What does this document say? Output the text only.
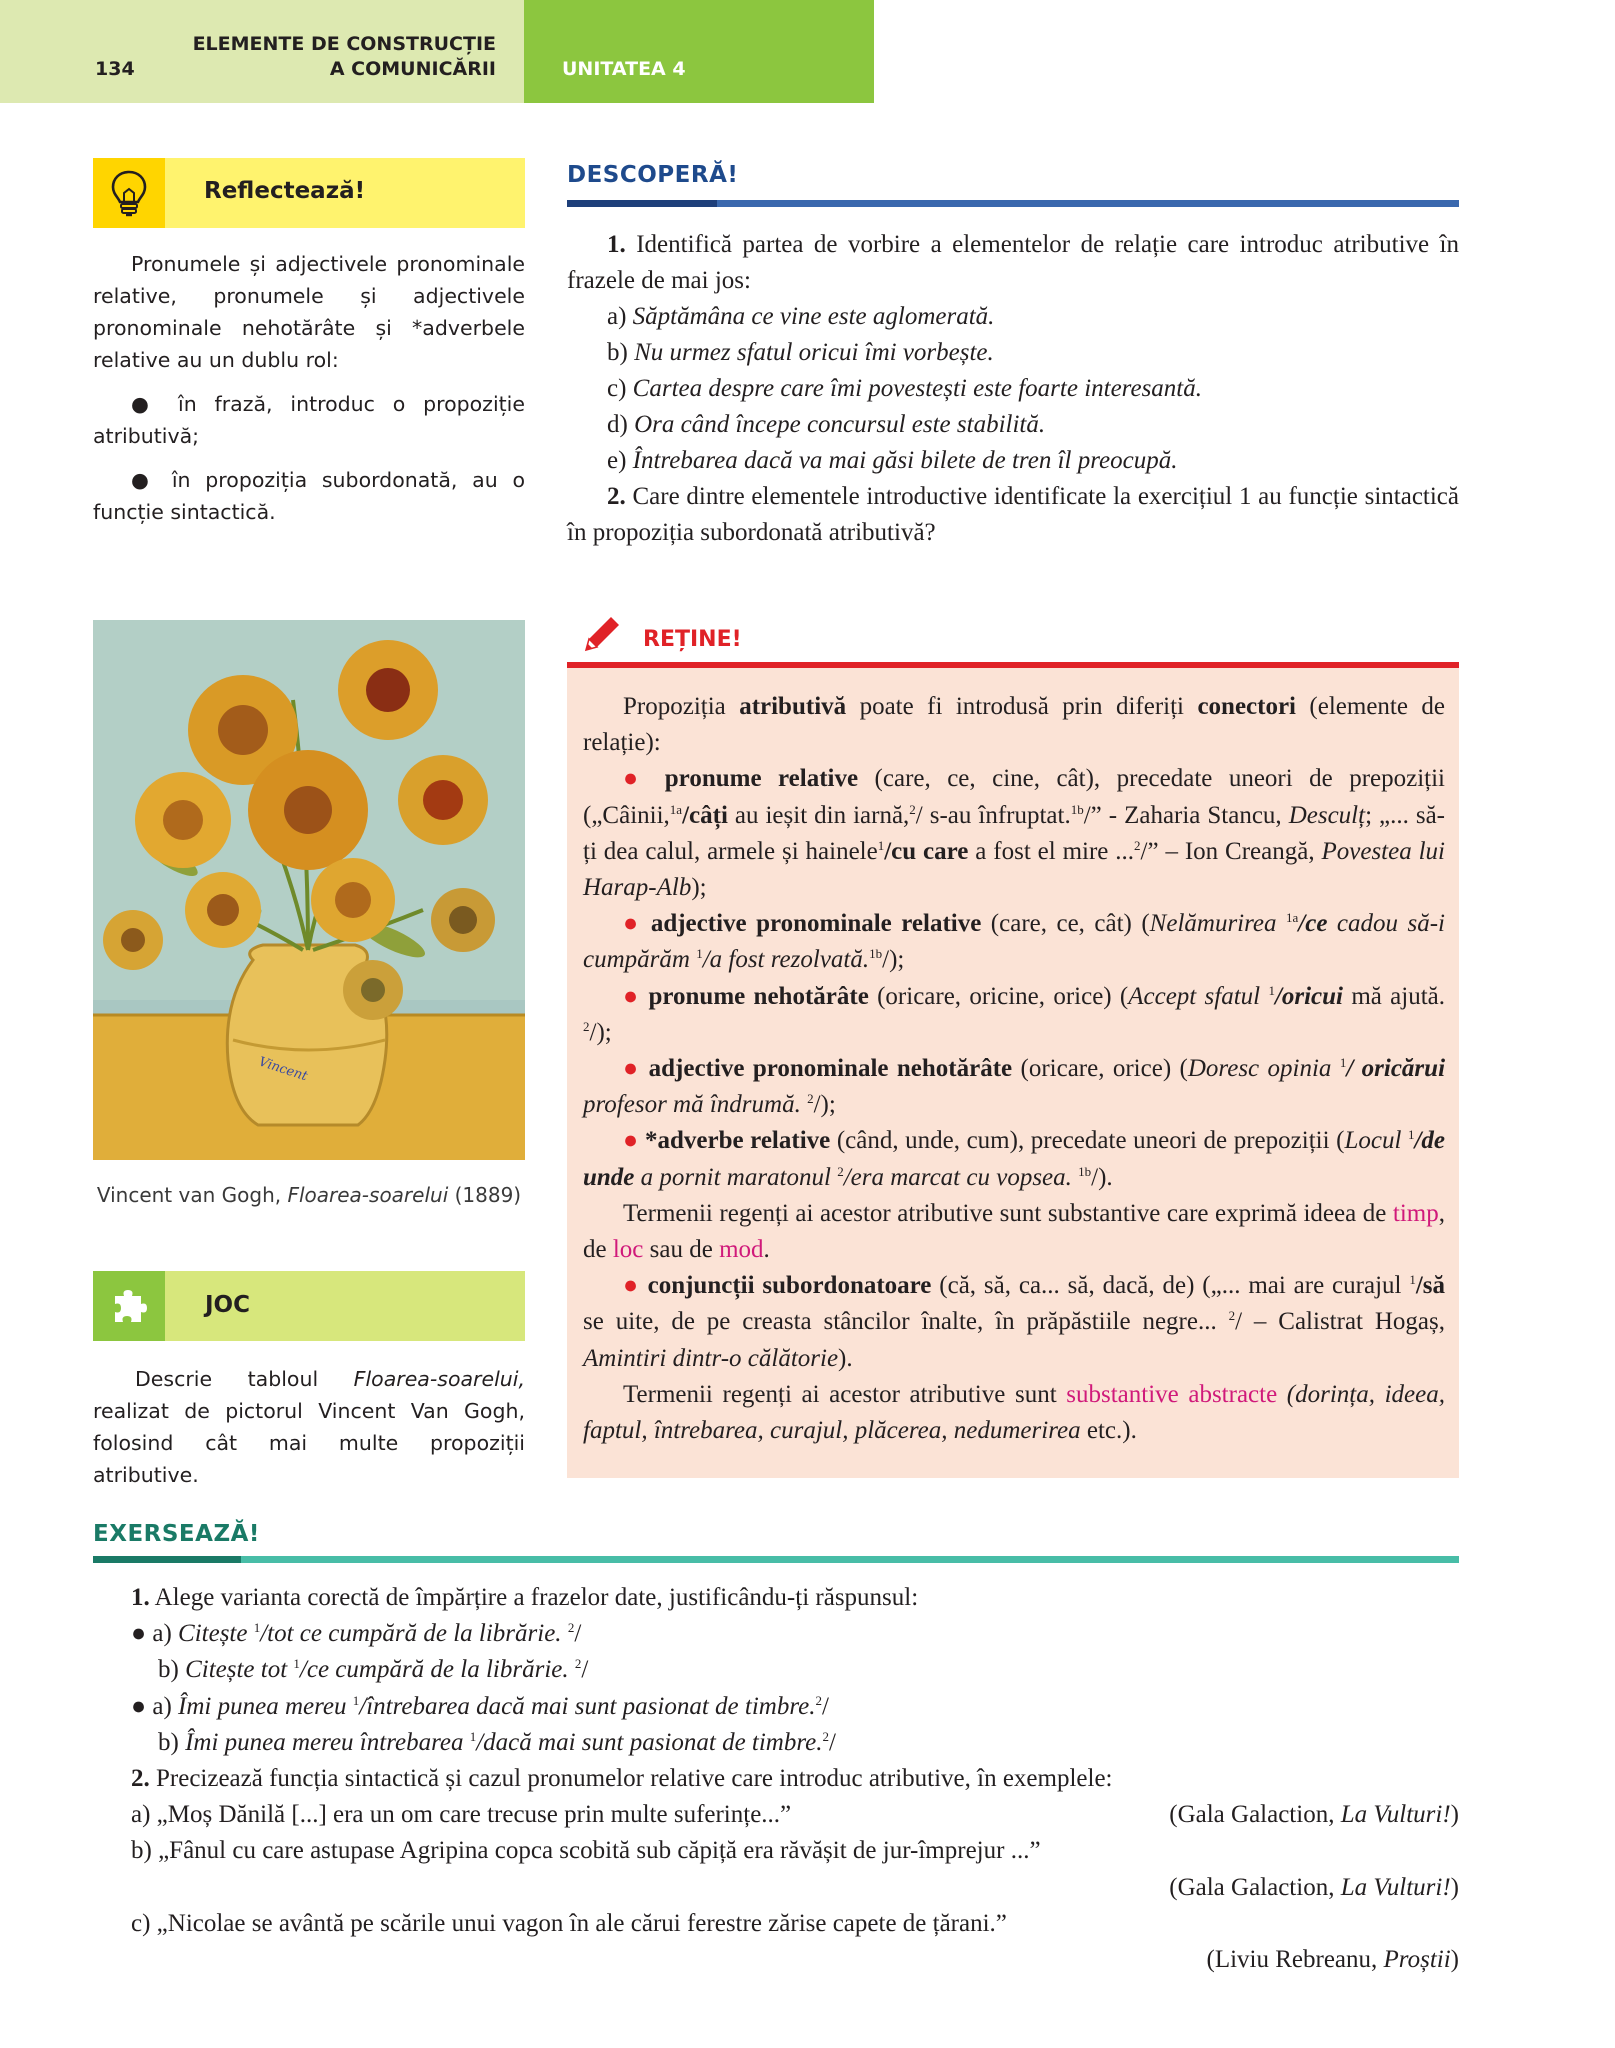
134
ELEMENTE DE CONSTRUCȚIE
A COMUNICĂRII	UNITATEA 4
Reflectează!

Pronumele și adjectivele pronominale relative, pronumele și adjectivele pronominale nehotărâte și *adverbele relative au un dublu rol:

● în frază, introduc o propoziție atributivă;

● în propoziția subordonată, au o funcție sintactică.

DESCOPERĂ!

1. Identifică partea de vorbire a elementelor de relație care introduc atributive în frazele de mai jos:

a) Săptămâna ce vine este aglomerată.

b) Nu urmez sfatul oricui îmi vorbește.

c) Cartea despre care îmi povestești este foarte interesantă.

d) Ora când începe concursul este stabilită.

e) Întrebarea dacă va mai găsi bilete de tren îl preocupă.

2. Care dintre elementele introductive identificate la exercițiul 1 au funcție sintactică în propoziția subordonată atributivă?

Vincent
Vincent van Gogh, Floarea-soarelui (1889)
REȚINE!

Propoziția atributivă poate fi introdusă prin diferiți conectori (elemente de relație):

● pronume relative (care, ce, cine, cât), precedate uneori de prepoziții („Câinii,$^{1a}$/câți au ieșit din iarnă,$^2$/ s-au înfruptat.$^{1b}$/” - Zaharia Stancu, Desculț; „... să-ți dea calul, armele și hainele$^1$/cu care a fost el mire ...$^2$/” – Ion Creangă, Povestea lui Harap-Alb);

● adjective pronominale relative (care, ce, cât) (Nelămurirea $^{1a}$/ce cadou să-i cumpărăm $^1$/a fost rezolvată.$^{1b}$/);

● pronume nehotărâte (oricare, oricine, orice) (Accept sfatul $^1$/oricui mă ajută. $^2$/);

● adjective pronominale nehotărâte (oricare, orice) (Doresc opinia $^1$/ oricărui profesor mă îndrumă. $^2$/);

● *adverbe relative (când, unde, cum), precedate uneori de prepoziții (Locul $^1$/de unde a pornit maratonul $^2$/era marcat cu vopsea. $^{1b}$/).

Termenii regenți ai acestor atributive sunt substantive care exprimă ideea de timp, de loc sau de mod.

● conjuncții subordonatoare (că, să, ca... să, dacă, de) („... mai are curajul $^1$/să se uite, de pe creasta stâncilor înalte, în prăpăstiile negre... $^2$/ – Calistrat Hogaș, Amintiri dintr-o călătorie).

Termenii regenți ai acestor atributive sunt substantive abstracte (dorința, ideea, faptul, întrebarea, curajul, plăcerea, nedumerirea etc.).

JOC

Descrie tabloul Floarea-soarelui, realizat de pictorul Vincent Van Gogh, folosind cât mai multe propoziții atributive.

EXERSEAZĂ!

1. Alege varianta corectă de împărțire a frazelor date, justificându-ți răspunsul:

● a) Citește $^1$/tot ce cumpără de la librărie. $^2$/

b) Citește tot $^1$/ce cumpără de la librărie. $^2$/

● a) Îmi punea mereu $^1$/întrebarea dacă mai sunt pasionat de timbre.$^2$/

b) Îmi punea mereu întrebarea $^1$/dacă mai sunt pasionat de timbre.$^2$/

2. Precizează funcția sintactică și cazul pronumelor relative care introduc atributive, în exemplele:

a) „Moș Dănilă [...] era un om care trecuse prin multe suferințe...”	(Gala Galaction, La Vulturi!)

b) „Fânul cu care astupase Agripina copca scobită sub căpiță era răvășit de jur-împrejur ...”

(Gala Galaction, La Vulturi!)

c) „Nicolae se avântă pe scările unui vagon în ale cărui ferestre zărise capete de țărani.”

(Liviu Rebreanu, Proștii)
